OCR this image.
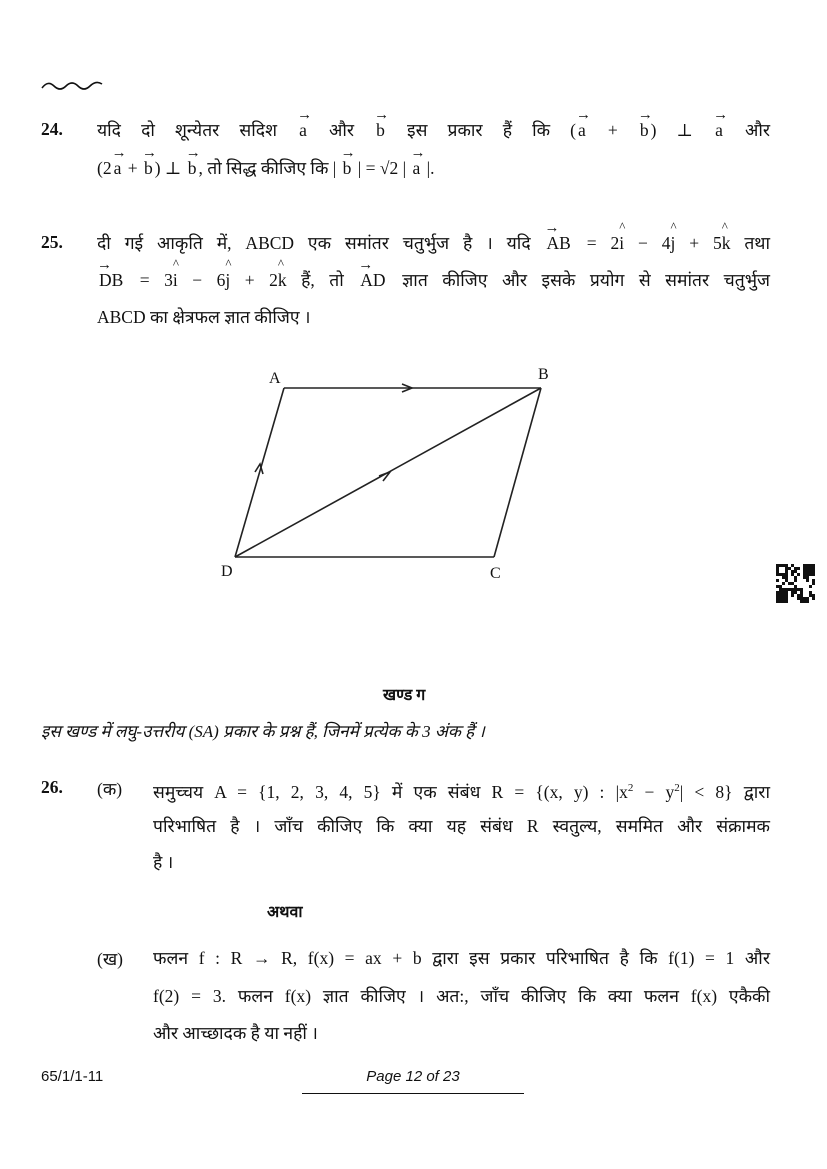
24. यदि दो शून्येतर सदिश → a और → b इस प्रकार हैं कि ( → a + → b ) ⊥ → a और
(2 → a + → b ) ⊥ → b , तो सिद्ध कीजिए कि | → b | = √2 | → a |.
25. दी गई आकृति में, ABCD एक समांतर चतुर्भुज है । यदि → AB = 2^ i − 4^ j + 5^ k तथा
→ DB = 3^ i − 6^ j + 2^ k हैं, तो → AD ज्ञात कीजिए और इसके प्रयोग से समांतर चतुर्भुज
ABCD का क्षेत्रफल ज्ञात कीजिए ।
A	B
C
D
खण्ड ग
इस खण्ड में लघु-उत्तरीय (SA) प्रकार के प्रश्न हैं, जिनमें प्रत्येक के 3 अंक हैं ।
26. (क) समुच्चय A = {1, 2, 3, 4, 5} में एक संबंध R = {(x, y) : $|x^2 - y^2| < 8$} द्वारा
परिभाषित है । जाँच कीजिए कि क्या यह संबंध R स्वतुल्य, सममित और संक्रामक
है ।
अथवा
(ख) फलन f : R → R, f(x) = ax + b द्वारा इस प्रकार परिभाषित है कि f(1) = 1 और
f(2) = 3. फलन f(x) ज्ञात कीजिए । अत:, जाँच कीजिए कि क्या फलन f(x) एकैकी
और आच्छादक है या नहीं ।
65/1/1-11	Page 12 of 23
